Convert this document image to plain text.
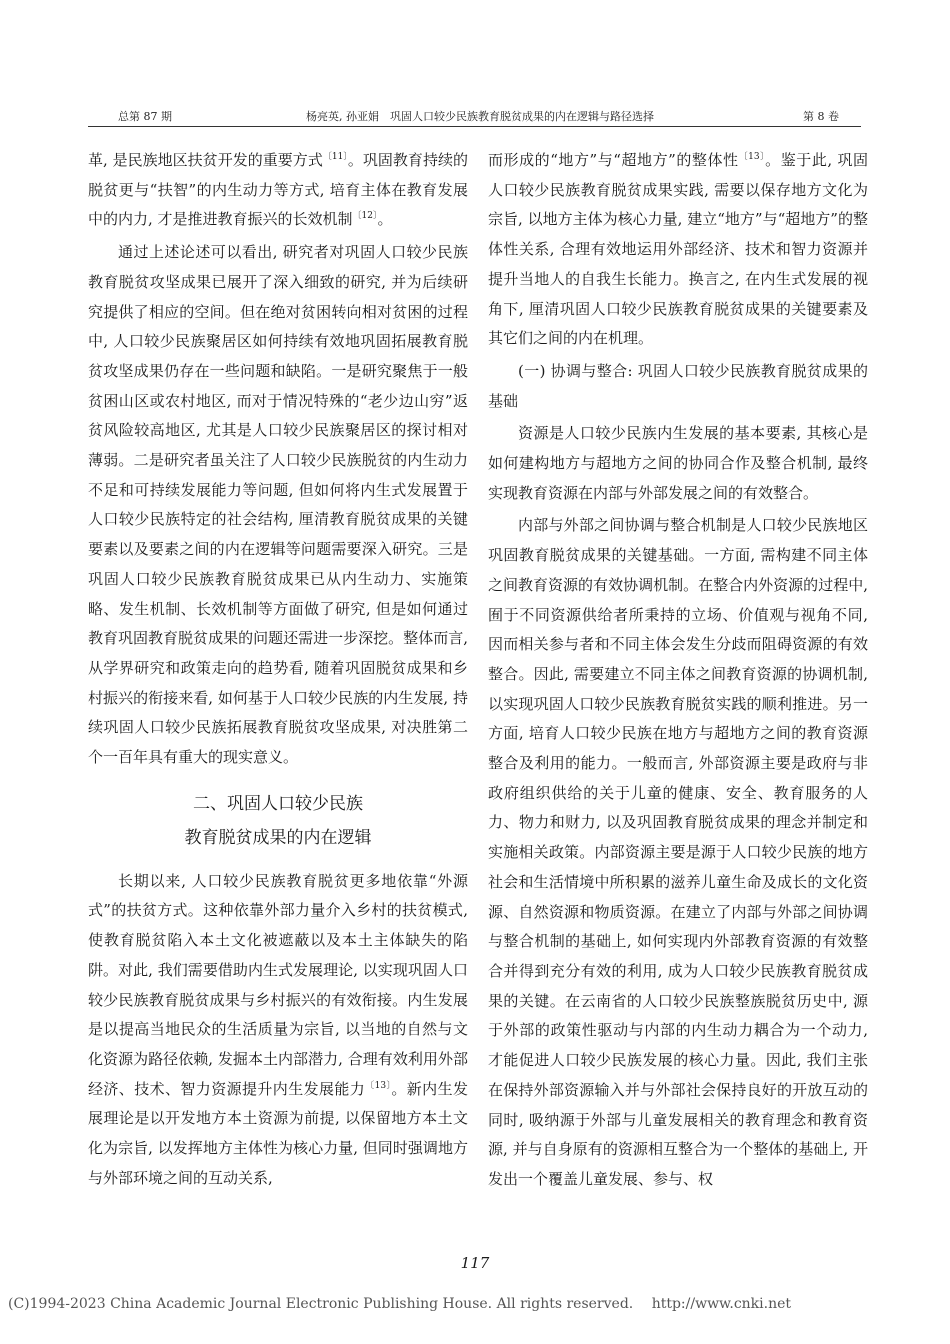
总第 87 期	杨亮英, 孙亚娟　巩固人口较少民族教育脱贫成果的内在逻辑与路径选择	第 8 卷

革, 是民族地区扶贫开发的重要方式$^{〔11〕}$。巩固教育持续的脱贫更与“扶智”的内生动力等方式, 培育主体在教育发展中的内力, 才是推进教育振兴的长效机制$^{〔12〕}$。

通过上述论述可以看出, 研究者对巩固人口较少民族教育脱贫攻坚成果已展开了深入细致的研究, 并为后续研究提供了相应的空间。但在绝对贫困转向相对贫困的过程中, 人口较少民族聚居区如何持续有效地巩固拓展教育脱贫攻坚成果仍存在一些问题和缺陷。一是研究聚焦于一般贫困山区或农村地区, 而对于情况特殊的“老少边山穷”返贫风险较高地区, 尤其是人口较少民族聚居区的探讨相对薄弱。二是研究者虽关注了人口较少民族脱贫的内生动力不足和可持续发展能力等问题, 但如何将内生式发展置于人口较少民族特定的社会结构, 厘清教育脱贫成果的关键要素以及要素之间的内在逻辑等问题需要深入研究。三是巩固人口较少民族教育脱贫成果已从内生动力、实施策略、发生机制、长效机制等方面做了研究, 但是如何通过教育巩固教育脱贫成果的问题还需进一步深挖。整体而言, 从学界研究和政策走向的趋势看, 随着巩固脱贫成果和乡村振兴的衔接来看, 如何基于人口较少民族的内生发展, 持续巩固人口较少民族拓展教育脱贫攻坚成果, 对决胜第二个一百年具有重大的现实意义。

二、巩固人口较少民族
教育脱贫成果的内在逻辑

长期以来, 人口较少民族教育脱贫更多地依靠“外源式”的扶贫方式。这种依靠外部力量介入乡村的扶贫模式, 使教育脱贫陷入本土文化被遮蔽以及本土主体缺失的陷阱。对此, 我们需要借助内生式发展理论, 以实现巩固人口较少民族教育脱贫成果与乡村振兴的有效衔接。内生发展是以提高当地民众的生活质量为宗旨, 以当地的自然与文化资源为路径依赖, 发掘本土内部潜力, 合理有效利用外部经济、技术、智力资源提升内生发展能力$^{〔13〕}$。新内生发展理论是以开发地方本土资源为前提, 以保留地方本土文化为宗旨, 以发挥地方主体性为核心力量, 但同时强调地方与外部环境之间的互动关系,

而形成的“地方”与“超地方”的整体性$^{〔13〕}$。鉴于此, 巩固人口较少民族教育脱贫成果实践, 需要以保存地方文化为宗旨, 以地方主体为核心力量, 建立“地方”与“超地方”的整体性关系, 合理有效地运用外部经济、技术和智力资源并提升当地人的自我生长能力。换言之, 在内生式发展的视角下, 厘清巩固人口较少民族教育脱贫成果的关键要素及其它们之间的内在机理。

(一) 协调与整合: 巩固人口较少民族教育脱贫成果的基础

资源是人口较少民族内生发展的基本要素, 其核心是如何建构地方与超地方之间的协同合作及整合机制, 最终实现教育资源在内部与外部发展之间的有效整合。

内部与外部之间协调与整合机制是人口较少民族地区巩固教育脱贫成果的关键基础。一方面, 需构建不同主体之间教育资源的有效协调机制。在整合内外资源的过程中, 囿于不同资源供给者所秉持的立场、价值观与视角不同, 因而相关参与者和不同主体会发生分歧而阻碍资源的有效整合。因此, 需要建立不同主体之间教育资源的协调机制, 以实现巩固人口较少民族教育脱贫实践的顺利推进。另一方面, 培育人口较少民族在地方与超地方之间的教育资源整合及利用的能力。一般而言, 外部资源主要是政府与非政府组织供给的关于儿童的健康、安全、教育服务的人力、物力和财力, 以及巩固教育脱贫成果的理念并制定和实施相关政策。内部资源主要是源于人口较少民族的地方社会和生活情境中所积累的滋养儿童生命及成长的文化资源、自然资源和物质资源。在建立了内部与外部之间协调与整合机制的基础上, 如何实现内外部教育资源的有效整合并得到充分有效的利用, 成为人口较少民族教育脱贫成果的关键。在云南省的人口较少民族整族脱贫历史中, 源于外部的政策性驱动与内部的内生动力耦合为一个动力, 才能促进人口较少民族发展的核心力量。因此, 我们主张在保持外部资源输入并与外部社会保持良好的开放互动的同时, 吸纳源于外部与儿童发展相关的教育理念和教育资源, 并与自身原有的资源相互整合为一个整体的基础上, 开发出一个覆盖儿童发展、参与、权

117
(C)1994-2023 China Academic Journal Electronic Publishing House. All rights reserved. http://www.cnki.net
